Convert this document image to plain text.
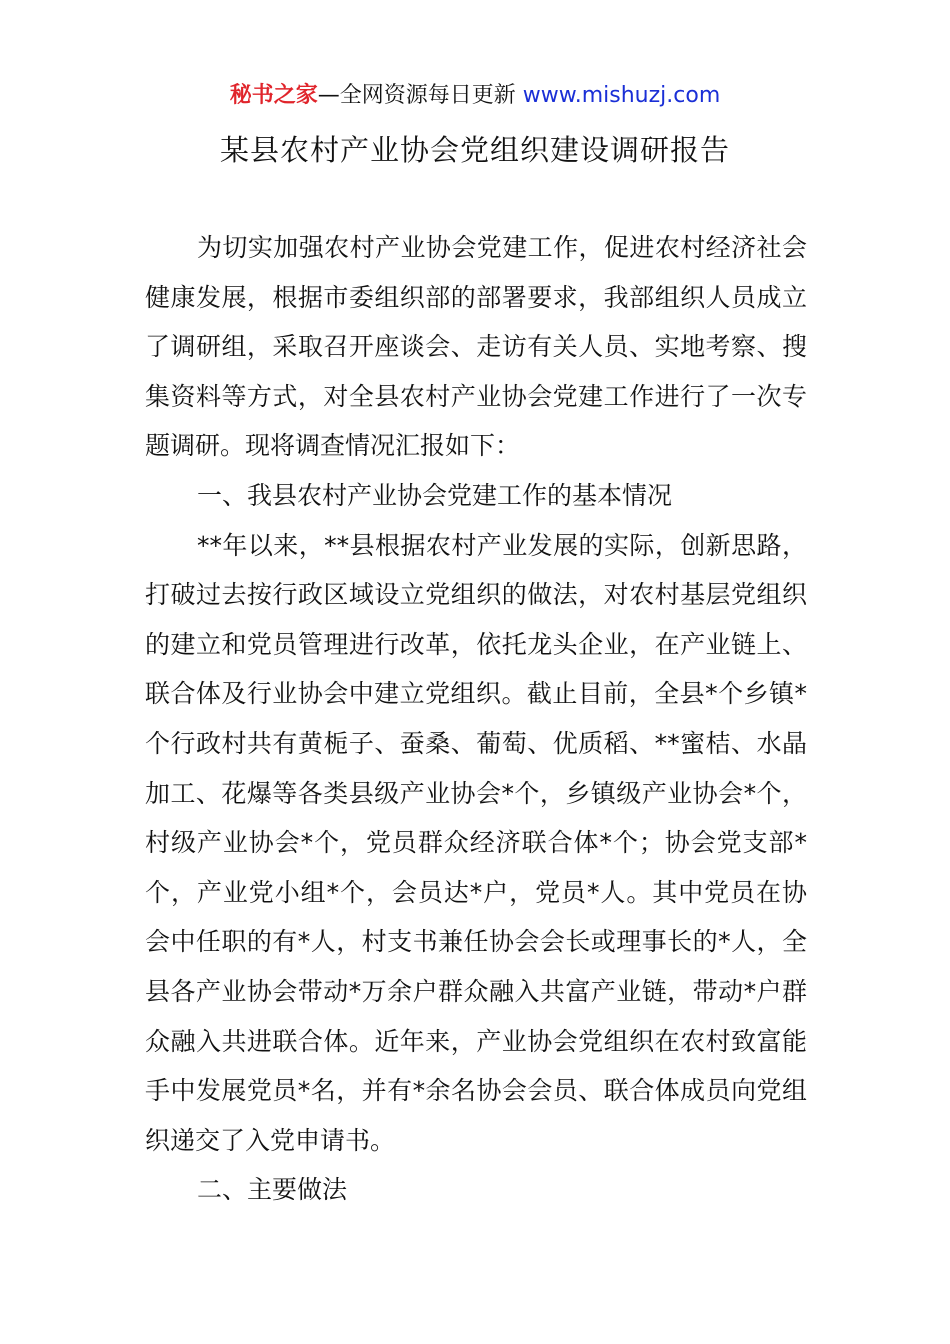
秘书之家—全网资源每日更新 www.mishuzj.com
某县农村产业协会党组织建设调研报告

为切实加强农村产业协会党建工作，促进农村经济社会健康发展，根据市委组织部的部署要求，我部组织人员成立了调研组，采取召开座谈会、走访有关人员、实地考察、搜集资料等方式，对全县农村产业协会党建工作进行了一次专题调研。现将调查情况汇报如下：

一、我县农村产业协会党建工作的基本情况

**年以来，**县根据农村产业发展的实际，创新思路，打破过去按行政区域设立党组织的做法，对农村基层党组织的建立和党员管理进行改革，依托龙头企业，在产业链上、联合体及行业协会中建立党组织。截止目前，全县*个乡镇*个行政村共有黄栀子、蚕桑、葡萄、优质稻、**蜜桔、水晶加工、花爆等各类县级产业协会*个，乡镇级产业协会*个，村级产业协会*个，党员群众经济联合体*个；协会党支部*个，产业党小组*个，会员达*户，党员*人。其中党员在协会中任职的有*人，村支书兼任协会会长或理事长的*人，全县各产业协会带动*万余户群众融入共富产业链，带动*户群众融入共进联合体。近年来，产业协会党组织在农村致富能手中发展党员*名，并有*余名协会会员、联合体成员向党组织递交了入党申请书。

二、主要做法
